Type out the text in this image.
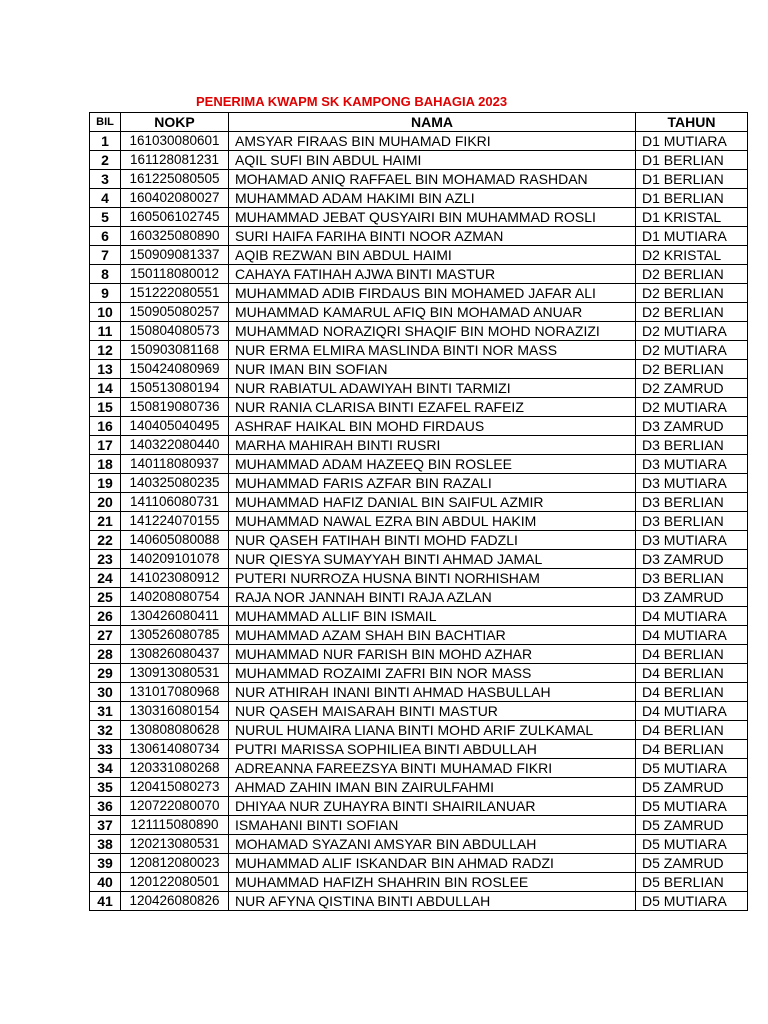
PENERIMA KWAPM SK KAMPONG BAHAGIA 2023
BIL	NOKP	NAMA	TAHUN
1	161030080601	AMSYAR FIRAAS BIN MUHAMAD FIKRI	D1 MUTIARA
2	161128081231	AQIL SUFI BIN ABDUL HAIMI	D1 BERLIAN
3	161225080505	MOHAMAD ANIQ RAFFAEL BIN MOHAMAD RASHDAN	D1 BERLIAN
4	160402080027	MUHAMMAD ADAM HAKIMI BIN AZLI	D1 BERLIAN
5	160506102745	MUHAMMAD JEBAT QUSYAIRI BIN MUHAMMAD ROSLI	D1 KRISTAL
6	160325080890	SURI HAIFA FARIHA BINTI NOOR AZMAN	D1 MUTIARA
7	150909081337	AQIB REZWAN BIN ABDUL HAIMI	D2 KRISTAL
8	150118080012	CAHAYA FATIHAH AJWA BINTI MASTUR	D2 BERLIAN
9	151222080551	MUHAMMAD ADIB FIRDAUS BIN MOHAMED JAFAR ALI	D2 BERLIAN
10	150905080257	MUHAMMAD KAMARUL AFIQ BIN MOHAMAD ANUAR	D2 BERLIAN
11	150804080573	MUHAMMAD NORAZIQRI SHAQIF BIN MOHD NORAZIZI	D2 MUTIARA
12	150903081168	NUR ERMA ELMIRA MASLINDA BINTI NOR MASS	D2 MUTIARA
13	150424080969	NUR IMAN BIN SOFIAN	D2 BERLIAN
14	150513080194	NUR RABIATUL ADAWIYAH BINTI TARMIZI	D2 ZAMRUD
15	150819080736	NUR RANIA CLARISA BINTI EZAFEL RAFEIZ	D2 MUTIARA
16	140405040495	ASHRAF HAIKAL BIN MOHD FIRDAUS	D3 ZAMRUD
17	140322080440	MARHA MAHIRAH BINTI RUSRI	D3 BERLIAN
18	140118080937	MUHAMMAD ADAM HAZEEQ BIN ROSLEE	D3 MUTIARA
19	140325080235	MUHAMMAD FARIS AZFAR BIN RAZALI	D3 MUTIARA
20	141106080731	MUHAMMAD HAFIZ DANIAL BIN SAIFUL AZMIR	D3 BERLIAN
21	141224070155	MUHAMMAD NAWAL EZRA BIN ABDUL HAKIM	D3 BERLIAN
22	140605080088	NUR QASEH FATIHAH BINTI MOHD FADZLI	D3 MUTIARA
23	140209101078	NUR QIESYA SUMAYYAH BINTI AHMAD JAMAL	D3 ZAMRUD
24	141023080912	PUTERI NURROZA HUSNA BINTI NORHISHAM	D3 BERLIAN
25	140208080754	RAJA NOR JANNAH BINTI RAJA AZLAN	D3 ZAMRUD
26	130426080411	MUHAMMAD ALLIF BIN ISMAIL	D4 MUTIARA
27	130526080785	MUHAMMAD AZAM SHAH BIN BACHTIAR	D4 MUTIARA
28	130826080437	MUHAMMAD NUR FARISH BIN MOHD AZHAR	D4 BERLIAN
29	130913080531	MUHAMMAD ROZAIMI ZAFRI BIN NOR MASS	D4 BERLIAN
30	131017080968	NUR ATHIRAH INANI BINTI AHMAD HASBULLAH	D4 BERLIAN
31	130316080154	NUR QASEH MAISARAH BINTI MASTUR	D4 MUTIARA
32	130808080628	NURUL HUMAIRA LIANA BINTI MOHD ARIF ZULKAMAL	D4 BERLIAN
33	130614080734	PUTRI MARISSA SOPHILIEA BINTI ABDULLAH	D4 BERLIAN
34	120331080268	ADREANNA FAREEZSYA BINTI MUHAMAD FIKRI	D5 MUTIARA
35	120415080273	AHMAD ZAHIN IMAN BIN ZAIRULFAHMI	D5 ZAMRUD
36	120722080070	DHIYAA NUR ZUHAYRA BINTI SHAIRILANUAR	D5 MUTIARA
37	121115080890	ISMAHANI BINTI SOFIAN	D5 ZAMRUD
38	120213080531	MOHAMAD SYAZANI AMSYAR BIN ABDULLAH	D5 MUTIARA
39	120812080023	MUHAMMAD ALIF ISKANDAR BIN AHMAD RADZI	D5 ZAMRUD
40	120122080501	MUHAMMAD HAFIZH SHAHRIN BIN ROSLEE	D5 BERLIAN
41	120426080826	NUR AFYNA QISTINA BINTI ABDULLAH	D5 MUTIARA
